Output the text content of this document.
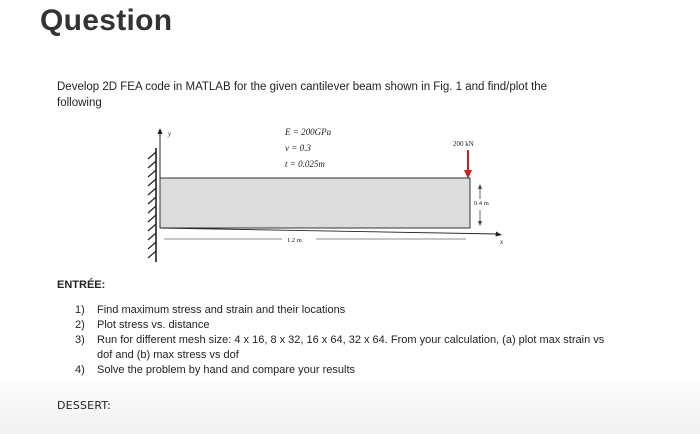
Question
Develop 2D FEA code in MATLAB for the given cantilever beam shown in Fig. 1 and find/plot the following
y
x
E = 200GPa
v = 0.3
t = 0.025m
200 kN
0.4 m
1.2 m
ENTRÉE:
1)	Find maximum stress and strain and their locations
2)	Plot stress vs. distance
3)	Run for different mesh size: 4 x 16, 8 x 32, 16 x 64, 32 x 64. From your calculation, (a) plot max strain vs dof and (b) max stress vs dof
4)	Solve the problem by hand and compare your results
DESSERT:
